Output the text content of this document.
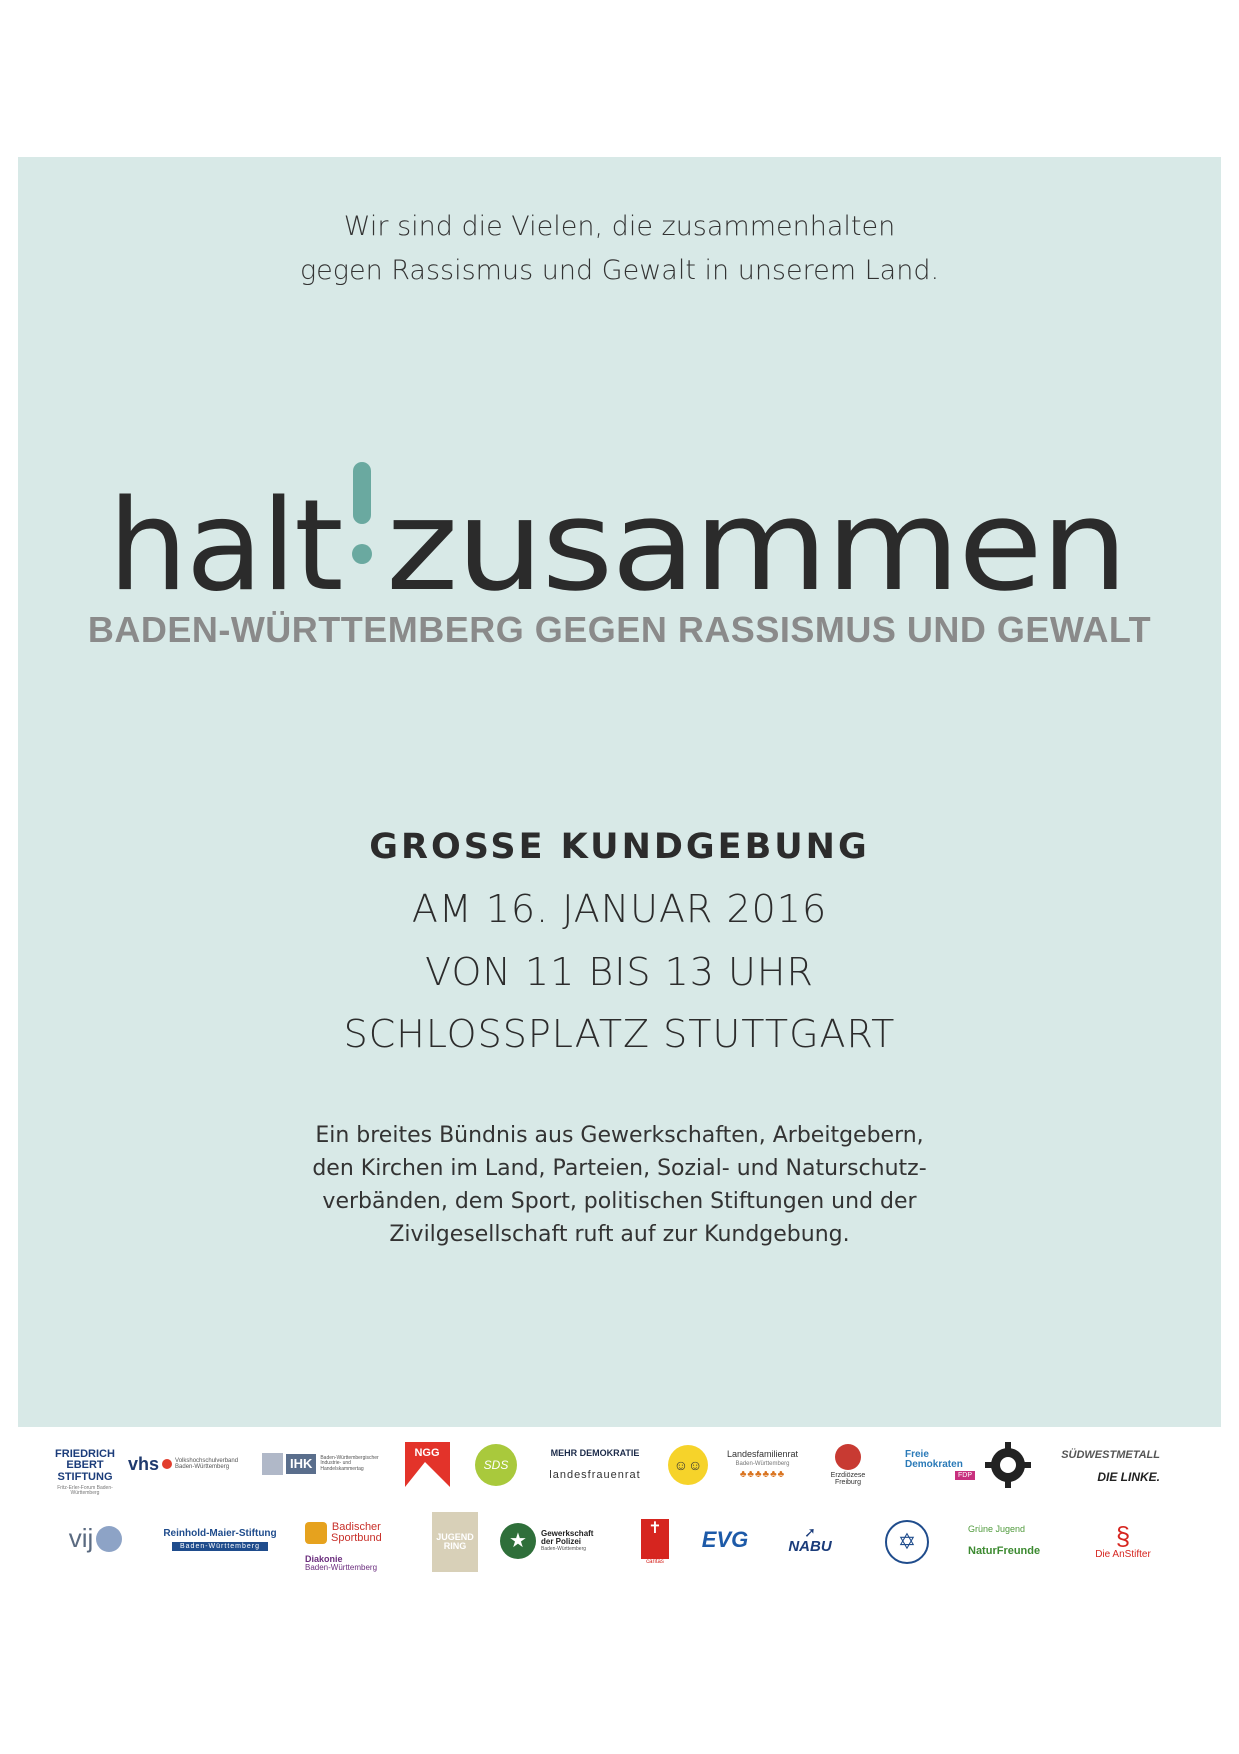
Wir sind die Vielen, die zusammenhalten
gegen Rassismus und Gewalt in unserem Land.
halt zusammen
BADEN-WÜRTTEMBERG GEGEN RASSISMUS UND GEWALT
GROSSE KUNDGEBUNG
AM 16. JANUAR 2016
VON 11 BIS 13 UHR
SCHLOSSPLATZ STUTTGART
Ein breites Bündnis aus Gewerkschaften, Arbeitgebern,
den Kirchen im Land, Parteien, Sozial- und Naturschutz-
verbänden, dem Sport, politischen Stiftungen und der
Zivilgesellschaft ruft auf zur Kundgebung.
FRIEDRICH EBERT STIFTUNG
Fritz-Erler-Forum Baden-Württemberg
vhs	Volkshochschulverband Baden-Württemberg	IHK	Baden-Württembergischer Industrie- und Handelskammertag
NGG
SDS
MEHR DEMOKRATIE
landesfrauenrat
☺☺
Landesfamilienrat
Baden-Württemberg
♣♣♣♣♣♣	Erzdiözese Freiburg
Freie
Demokraten
FDP
SÜDWESTMETALL
DIE LINKE.
vij	Reinhold-Maier-Stiftung
Baden-Württemberg
Badischer
Sportbund
Diakonie
Baden-Württemberg
JUGEND RING	★	Gewerkschaft
der Polizei
Baden-Württemberg
✝
caritas
EVG	➚
NABU	✡
Grüne Jugend
NaturFreunde
§
Die AnStifter
